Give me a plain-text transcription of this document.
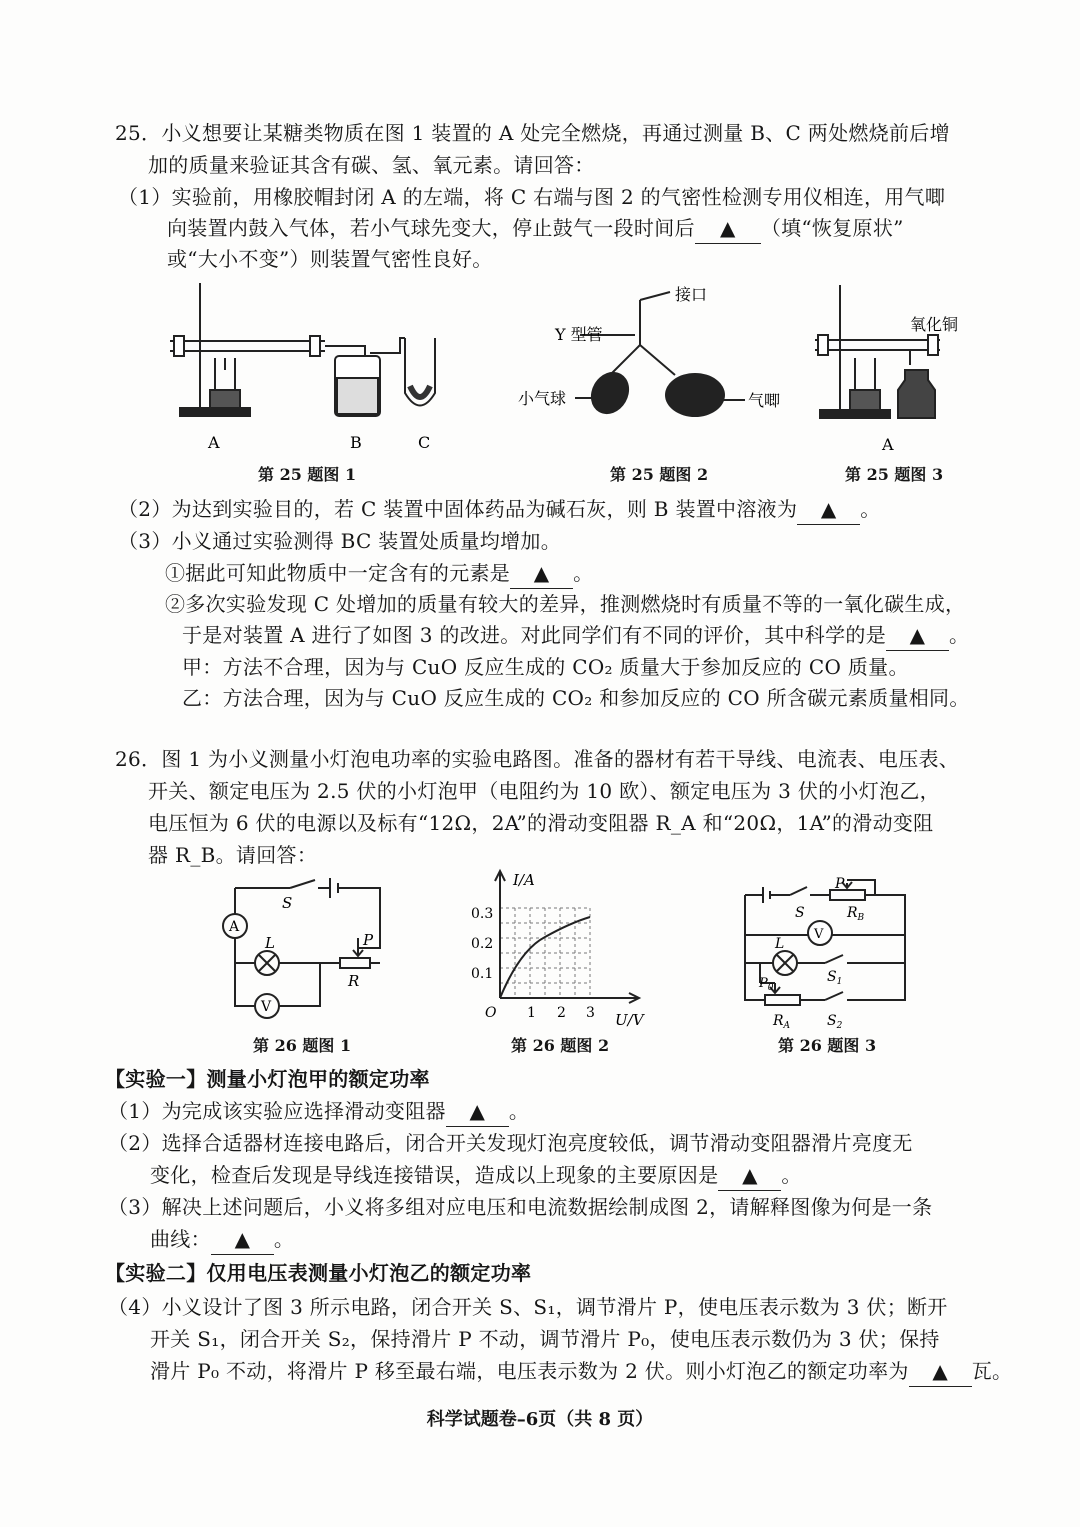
25．小义想要让某糖类物质在图 1 装置的 A 处完全燃烧，再通过测量 B、C 两处燃烧前后增
加的质量来验证其含有碳、氢、氧元素。请回答：
（1）实验前，用橡胶帽封闭 A 的左端，将 C 右端与图 2 的气密性检测专用仪相连，用气唧
向装置内鼓入气体，若小气球先变大，停止鼓气一段时间后 ▲ （填“恢复原状”
或“大小不变”）则装置气密性良好。
A	B	C
第 25 题图 1
接口
Y 型管
小气球	气唧
第 25 题图 2
氧化铜
A
第 25 题图 3
（2）为达到实验目的，若 C 装置中固体药品为碱石灰，则 B 装置中溶液为 ▲ 。
（3）小义通过实验测得 BC 装置处质量均增加。
①据此可知此物质中一定含有的元素是 ▲ 。
②多次实验发现 C 处增加的质量有较大的差异，推测燃烧时有质量不等的一氧化碳生成，
于是对装置 A 进行了如图 3 的改进。对此同学们有不同的评价，其中科学的是 ▲ 。
甲：方法不合理，因为与 CuO 反应生成的 CO₂ 质量大于参加反应的 CO 质量。
乙：方法合理，因为与 CuO 反应生成的 CO₂ 和参加反应的 CO 所含碳元素质量相同。
26．图 1 为小义测量小灯泡电功率的实验电路图。准备的器材有若干导线、电流表、电压表、
开关、额定电压为 2.5 伏的小灯泡甲（电阻约为 10 欧）、额定电压为 3 伏的小灯泡乙，
电压恒为 6 伏的电源以及标有“12Ω，2A”的滑动变阻器 R_A 和“20Ω，1A”的滑动变阻
器 R_B。请回答：
A
V
S
L	P
R
第 26 题图 1
I/A
U/V
O
0.1
0.2
0.3
1 2 3
第 26 题图 2
V
S
P
$R_B$
L
$S_1$
$P_0$
$R_A$	$S_2$
第 26 题图 3
【实验一】测量小灯泡甲的额定功率
（1）为完成该实验应选择滑动变阻器 ▲ 。
（2）选择合适器材连接电路后，闭合开关发现灯泡亮度较低，调节滑动变阻器滑片亮度无
变化，检查后发现是导线连接错误，造成以上现象的主要原因是 ▲ 。
（3）解决上述问题后，小义将多组对应电压和电流数据绘制成图 2，请解释图像为何是一条
曲线： ▲ 。
【实验二】仅用电压表测量小灯泡乙的额定功率
（4）小义设计了图 3 所示电路，闭合开关 S、S₁，调节滑片 P，使电压表示数为 3 伏；断开
开关 S₁，闭合开关 S₂，保持滑片 P 不动，调节滑片 P₀，使电压表示数仍为 3 伏；保持
滑片 P₀ 不动，将滑片 P 移至最右端，电压表示数为 2 伏。则小灯泡乙的额定功率为 ▲ 瓦。
科学试题卷–6页（共 8 页）
